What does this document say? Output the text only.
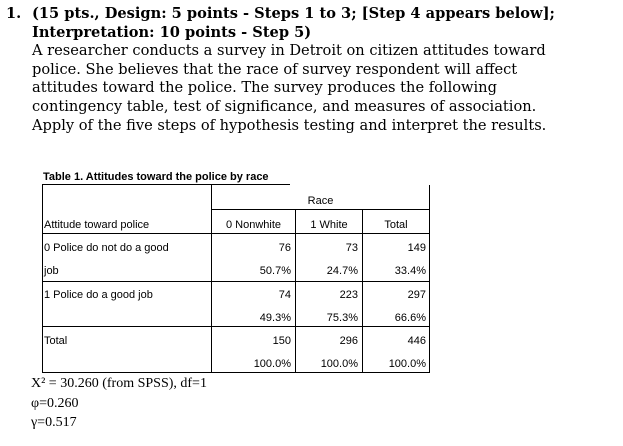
1. (15 pts., Design: 5 points - Steps 1 to 3; [Step 4 appears below];
Interpretation: 10 points - Step 5)
A researcher conducts a survey in Detroit on citizen attitudes toward
police. She believes that the race of survey respondent will affect
attitudes toward the police. The survey produces the following
contingency table, test of significance, and measures of association.
Apply of the five steps of hypothesis testing and interpret the results.
Table 1. Attitudes toward the police by race
Race
Attitude toward police	0 Nonwhite	1 White	Total
0 Police do not do a good
job
76	73	149
50.7%	24.7%	33.4%
1 Police do a good job	74	223	297
49.3%	75.3%	66.6%
Total	150	296	446
100.0%	100.0%	100.0%
X² = 30.260 (from SPSS), df=1
φ=0.260
γ=0.517
